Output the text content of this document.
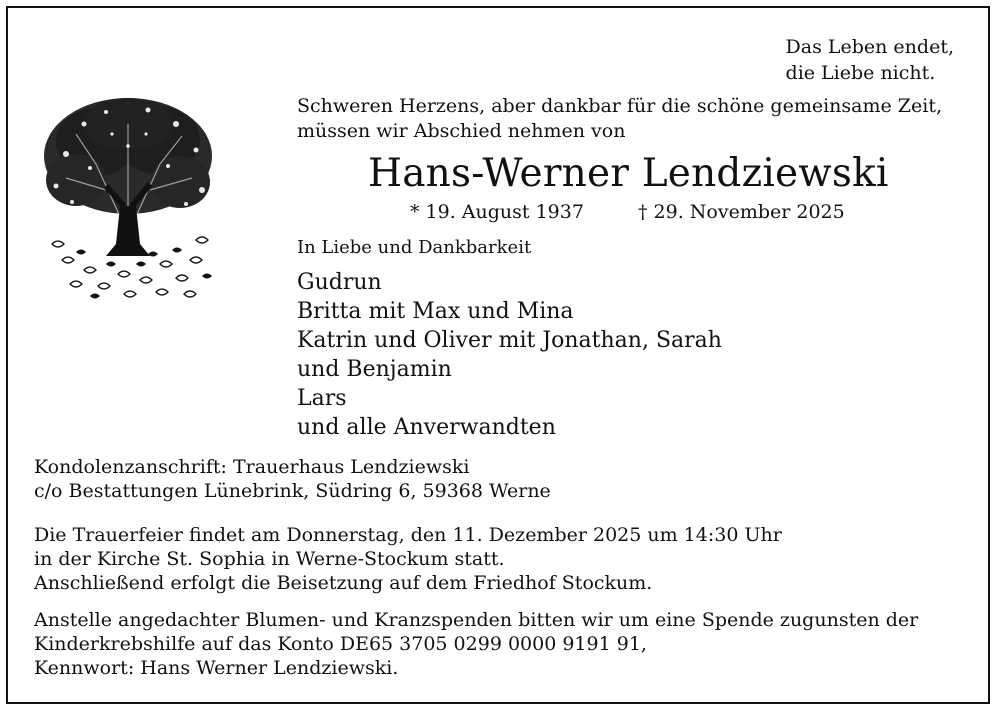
Das Leben endet,
die Liebe nicht.
Schweren Herzens, aber dankbar für die schöne gemeinsame Zeit,
müssen wir Abschied nehmen von
Hans-Werner Lendziewski
* 19. August 1937	† 29. November 2025
In Liebe und Dankbarkeit
Gudrun
Britta mit Max und Mina
Katrin und Oliver mit Jonathan, Sarah
und Benjamin
Lars
und alle Anverwandten
Kondolenzanschrift: Trauerhaus Lendziewski
c/o Bestattungen Lünebrink, Südring 6, 59368 Werne
Die Trauerfeier findet am Donnerstag, den 11. Dezember 2025 um 14:30 Uhr
in der Kirche St. Sophia in Werne-Stockum statt.
Anschließend erfolgt die Beisetzung auf dem Friedhof Stockum.
Anstelle angedachter Blumen- und Kranzspenden bitten wir um eine Spende zugunsten der
Kinderkrebshilfe auf das Konto DE65 3705 0299 0000 9191 91,
Kennwort: Hans Werner Lendziewski.
